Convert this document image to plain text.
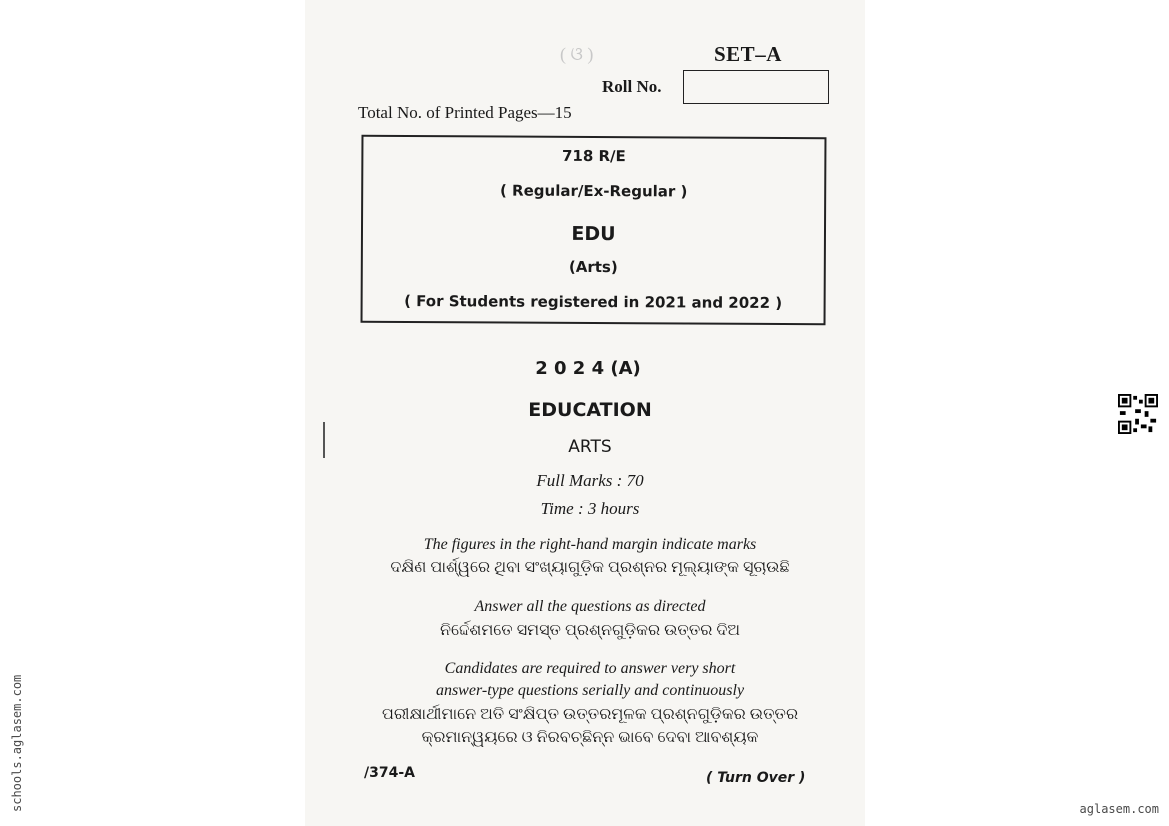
( ଓ )	SET–A
Roll No.
Total No. of Printed Pages—15
718 R/E
( Regular/Ex-Regular )
EDU
(Arts)
( For Students registered in 2021 and 2022 )
2 0 2 4 (A)
EDUCATION
ARTS
Full Marks : 70
Time : 3 hours
The figures in the right-hand margin indicate marks
ଦକ୍ଷିଣ ପାର୍ଶ୍ୱରେ ଥିବା ସଂଖ୍ୟାଗୁଡ଼ିକ ପ୍ରଶ୍ନର ମୂଲ୍ୟାଙ୍କ ସୂଚାଉଛି
Answer all the questions as directed
ନିର୍ଦ୍ଦେଶମତେ ସମସ୍ତ ପ୍ରଶ୍ନଗୁଡ଼ିକର ଉତ୍ତର ଦିଅ
Candidates are required to answer very short
answer-type questions serially and continuously
ପରୀକ୍ଷାର୍ଥୀମାନେ ଅତି ସଂକ୍ଷିପ୍ତ ଉତ୍ତରମୂଳକ ପ୍ରଶ୍ନଗୁଡ଼ିକର ଉତ୍ତର
କ୍ରମାନ୍ୱୟରେ ଓ ନିରବଚ୍ଛିନ୍ନ ଭାବେ ଦେବା ଆବଶ୍ୟକ
/374-A	( Turn Over )
schools.aglasem.com	aglasem.com
